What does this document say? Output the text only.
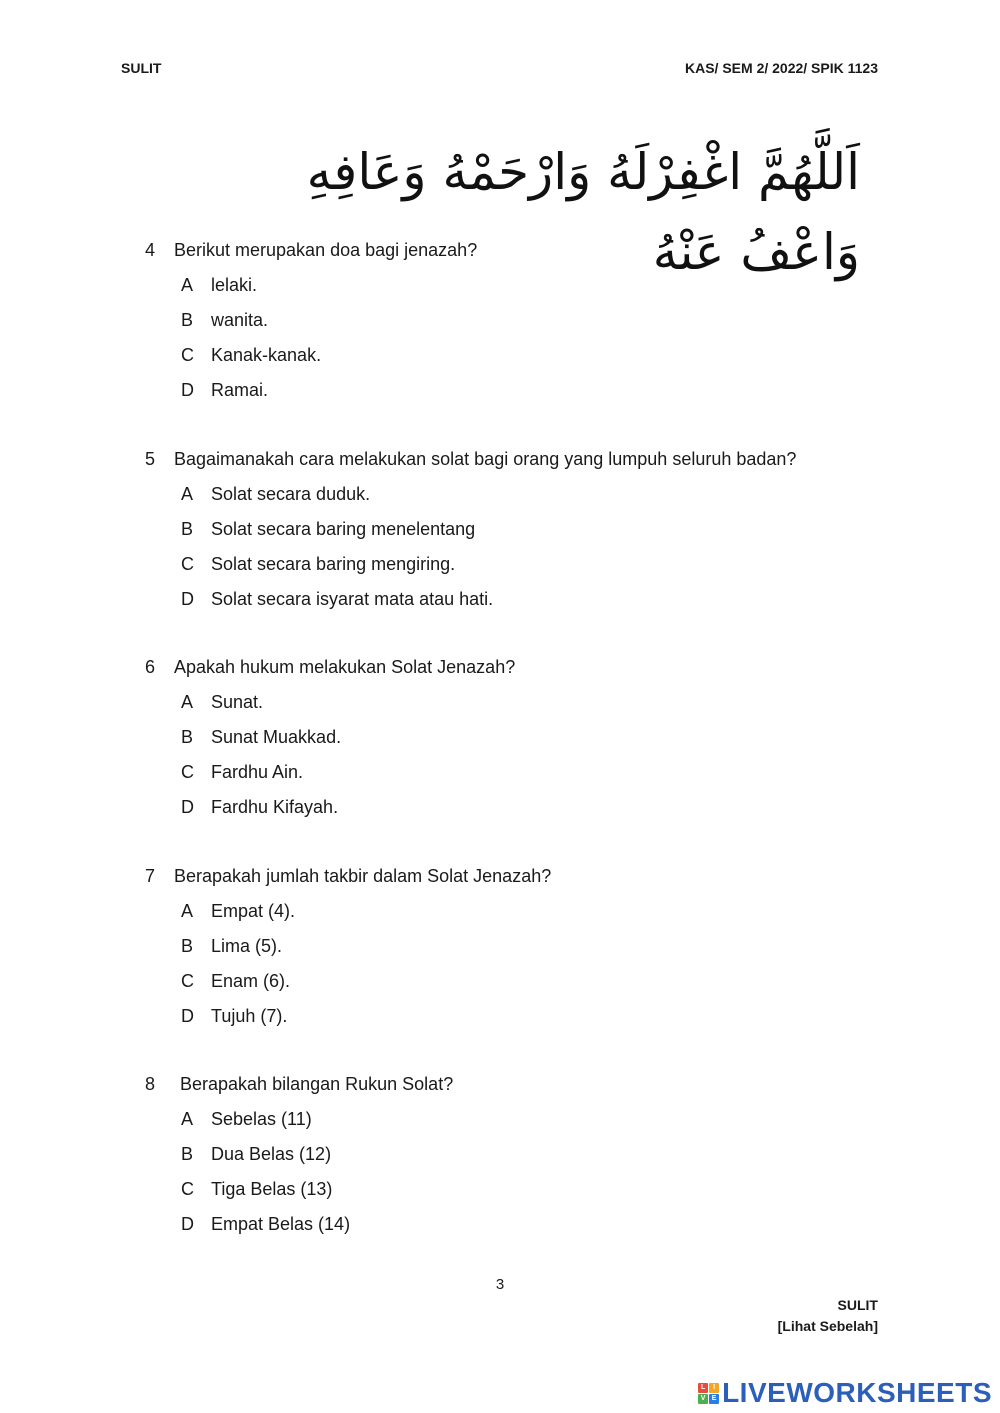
SULIT	KAS/ SEM 2/ 2022/ SPIK 1123
اَللَّهُمَّ اغْفِرْلَهُ وَارْحَمْهُ وَعَافِهِ وَاعْفُ عَنْهُ
4 Berikut merupakan doa bagi jenazah?
A lelaki.
B wanita.
C Kanak-kanak.
D Ramai.
5 Bagaimanakah cara melakukan solat bagi orang yang lumpuh seluruh badan?
A Solat secara duduk.
B Solat secara baring menelentang
C Solat secara baring mengiring.
D Solat secara isyarat mata atau hati.
6 Apakah hukum melakukan Solat Jenazah?
A Sunat.
B Sunat Muakkad.
C Fardhu Ain.
D Fardhu Kifayah.
7 Berapakah jumlah takbir dalam Solat Jenazah?
A Empat (4).
B Lima (5).
C Enam (6).
D Tujuh (7).
8 Berapakah bilangan Rukun Solat?
A Sebelas (11)
B Dua Belas (12)
C Tiga Belas (13)
D Empat Belas (14)
3
SULIT
[Lihat Sebelah]
L	I
V E LIVEWORKSHEETS
